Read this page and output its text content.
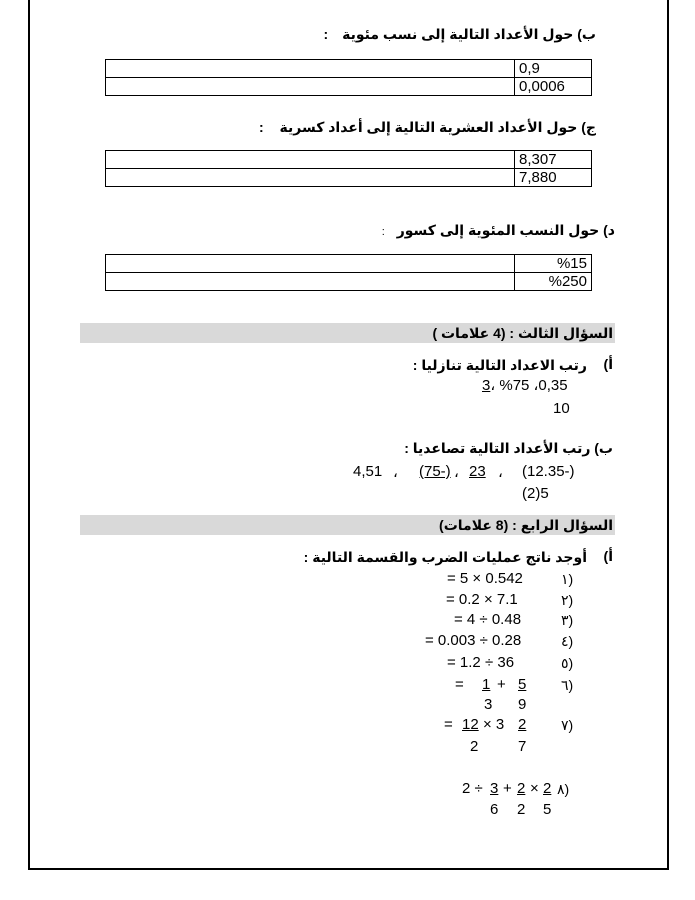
ب) حول الأعداد التالية إلى نسب مئوية :
	0,9
	0,0006
ج) حول الأعداد العشرية التالية إلى أعداد كسرية :
	8,307
	7,880
د) حول النسب المئوية إلى كسور :
	%15
	%250
السؤال الثالث : (4 علامات )
أ)
رتب الاعداد التالية تنازليا :
0,35، %75 ،3
10
ب) رتب الأعداد التالية تصاعديا :
4,51 ، (75-) ، 23 ، (12.35-)
(2)5
السؤال الرابع : (8 علامات)
أ)
أوجد ناتج عمليات الضرب والقسمة التالية :
= 5 × 0.542	١)
= 0.2 × 7.1	٢)
= 4 ÷ 0.48	٣)
= 0.003 ÷ 0.28	٤)
= 1.2 ÷ 36	٥)
= 1 + 5 ٦)
3 9
= 12 × 3 2 ٧)
2	7
2 ÷ 3 + 2 × 2 ٨)
6 2 5
